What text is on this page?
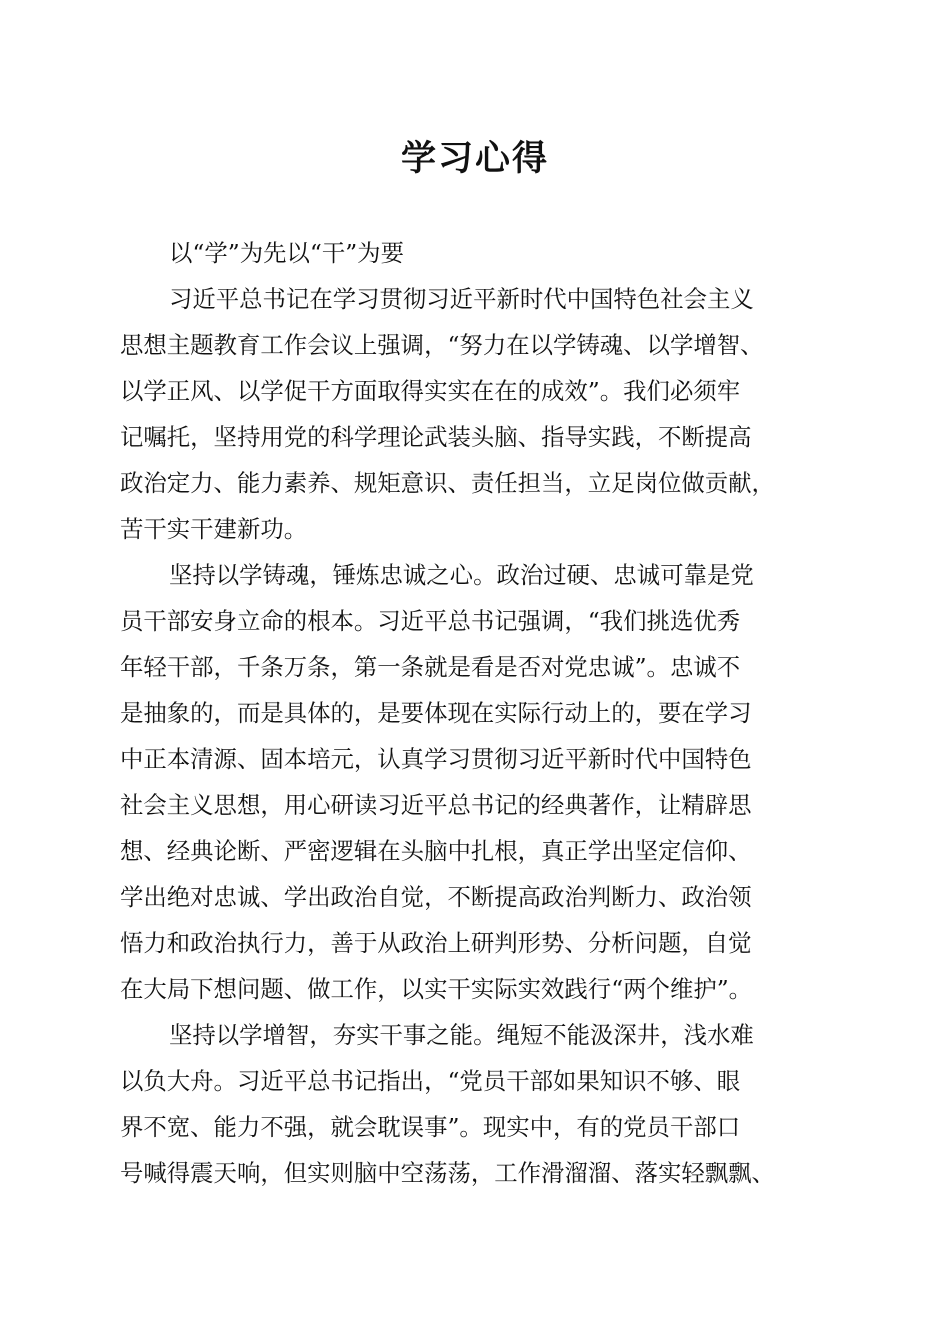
学习心得
以“学”为先以“干”为要
习近平总书记在学习贯彻习近平新时代中国特色社会主义
思想主题教育工作会议上强调，“努力在以学铸魂、以学增智、
以学正风、以学促干方面取得实实在在的成效”。我们必须牢
记嘱托，坚持用党的科学理论武装头脑、指导实践，不断提高
政治定力、能力素养、规矩意识、责任担当，立足岗位做贡献，
苦干实干建新功。
坚持以学铸魂，锤炼忠诚之心。政治过硬、忠诚可靠是党
员干部安身立命的根本。习近平总书记强调，“我们挑选优秀
年轻干部，千条万条，第一条就是看是否对党忠诚”。忠诚不
是抽象的，而是具体的，是要体现在实际行动上的，要在学习
中正本清源、固本培元，认真学习贯彻习近平新时代中国特色
社会主义思想，用心研读习近平总书记的经典著作，让精辟思
想、经典论断、严密逻辑在头脑中扎根，真正学出坚定信仰、
学出绝对忠诚、学出政治自觉，不断提高政治判断力、政治领
悟力和政治执行力，善于从政治上研判形势、分析问题，自觉
在大局下想问题、做工作，以实干实际实效践行“两个维护”。
坚持以学增智，夯实干事之能。绳短不能汲深井，浅水难
以负大舟。习近平总书记指出，“党员干部如果知识不够、眼
界不宽、能力不强，就会耽误事”。现实中，有的党员干部口
号喊得震天响，但实则脑中空荡荡，工作滑溜溜、落实轻飘飘、
